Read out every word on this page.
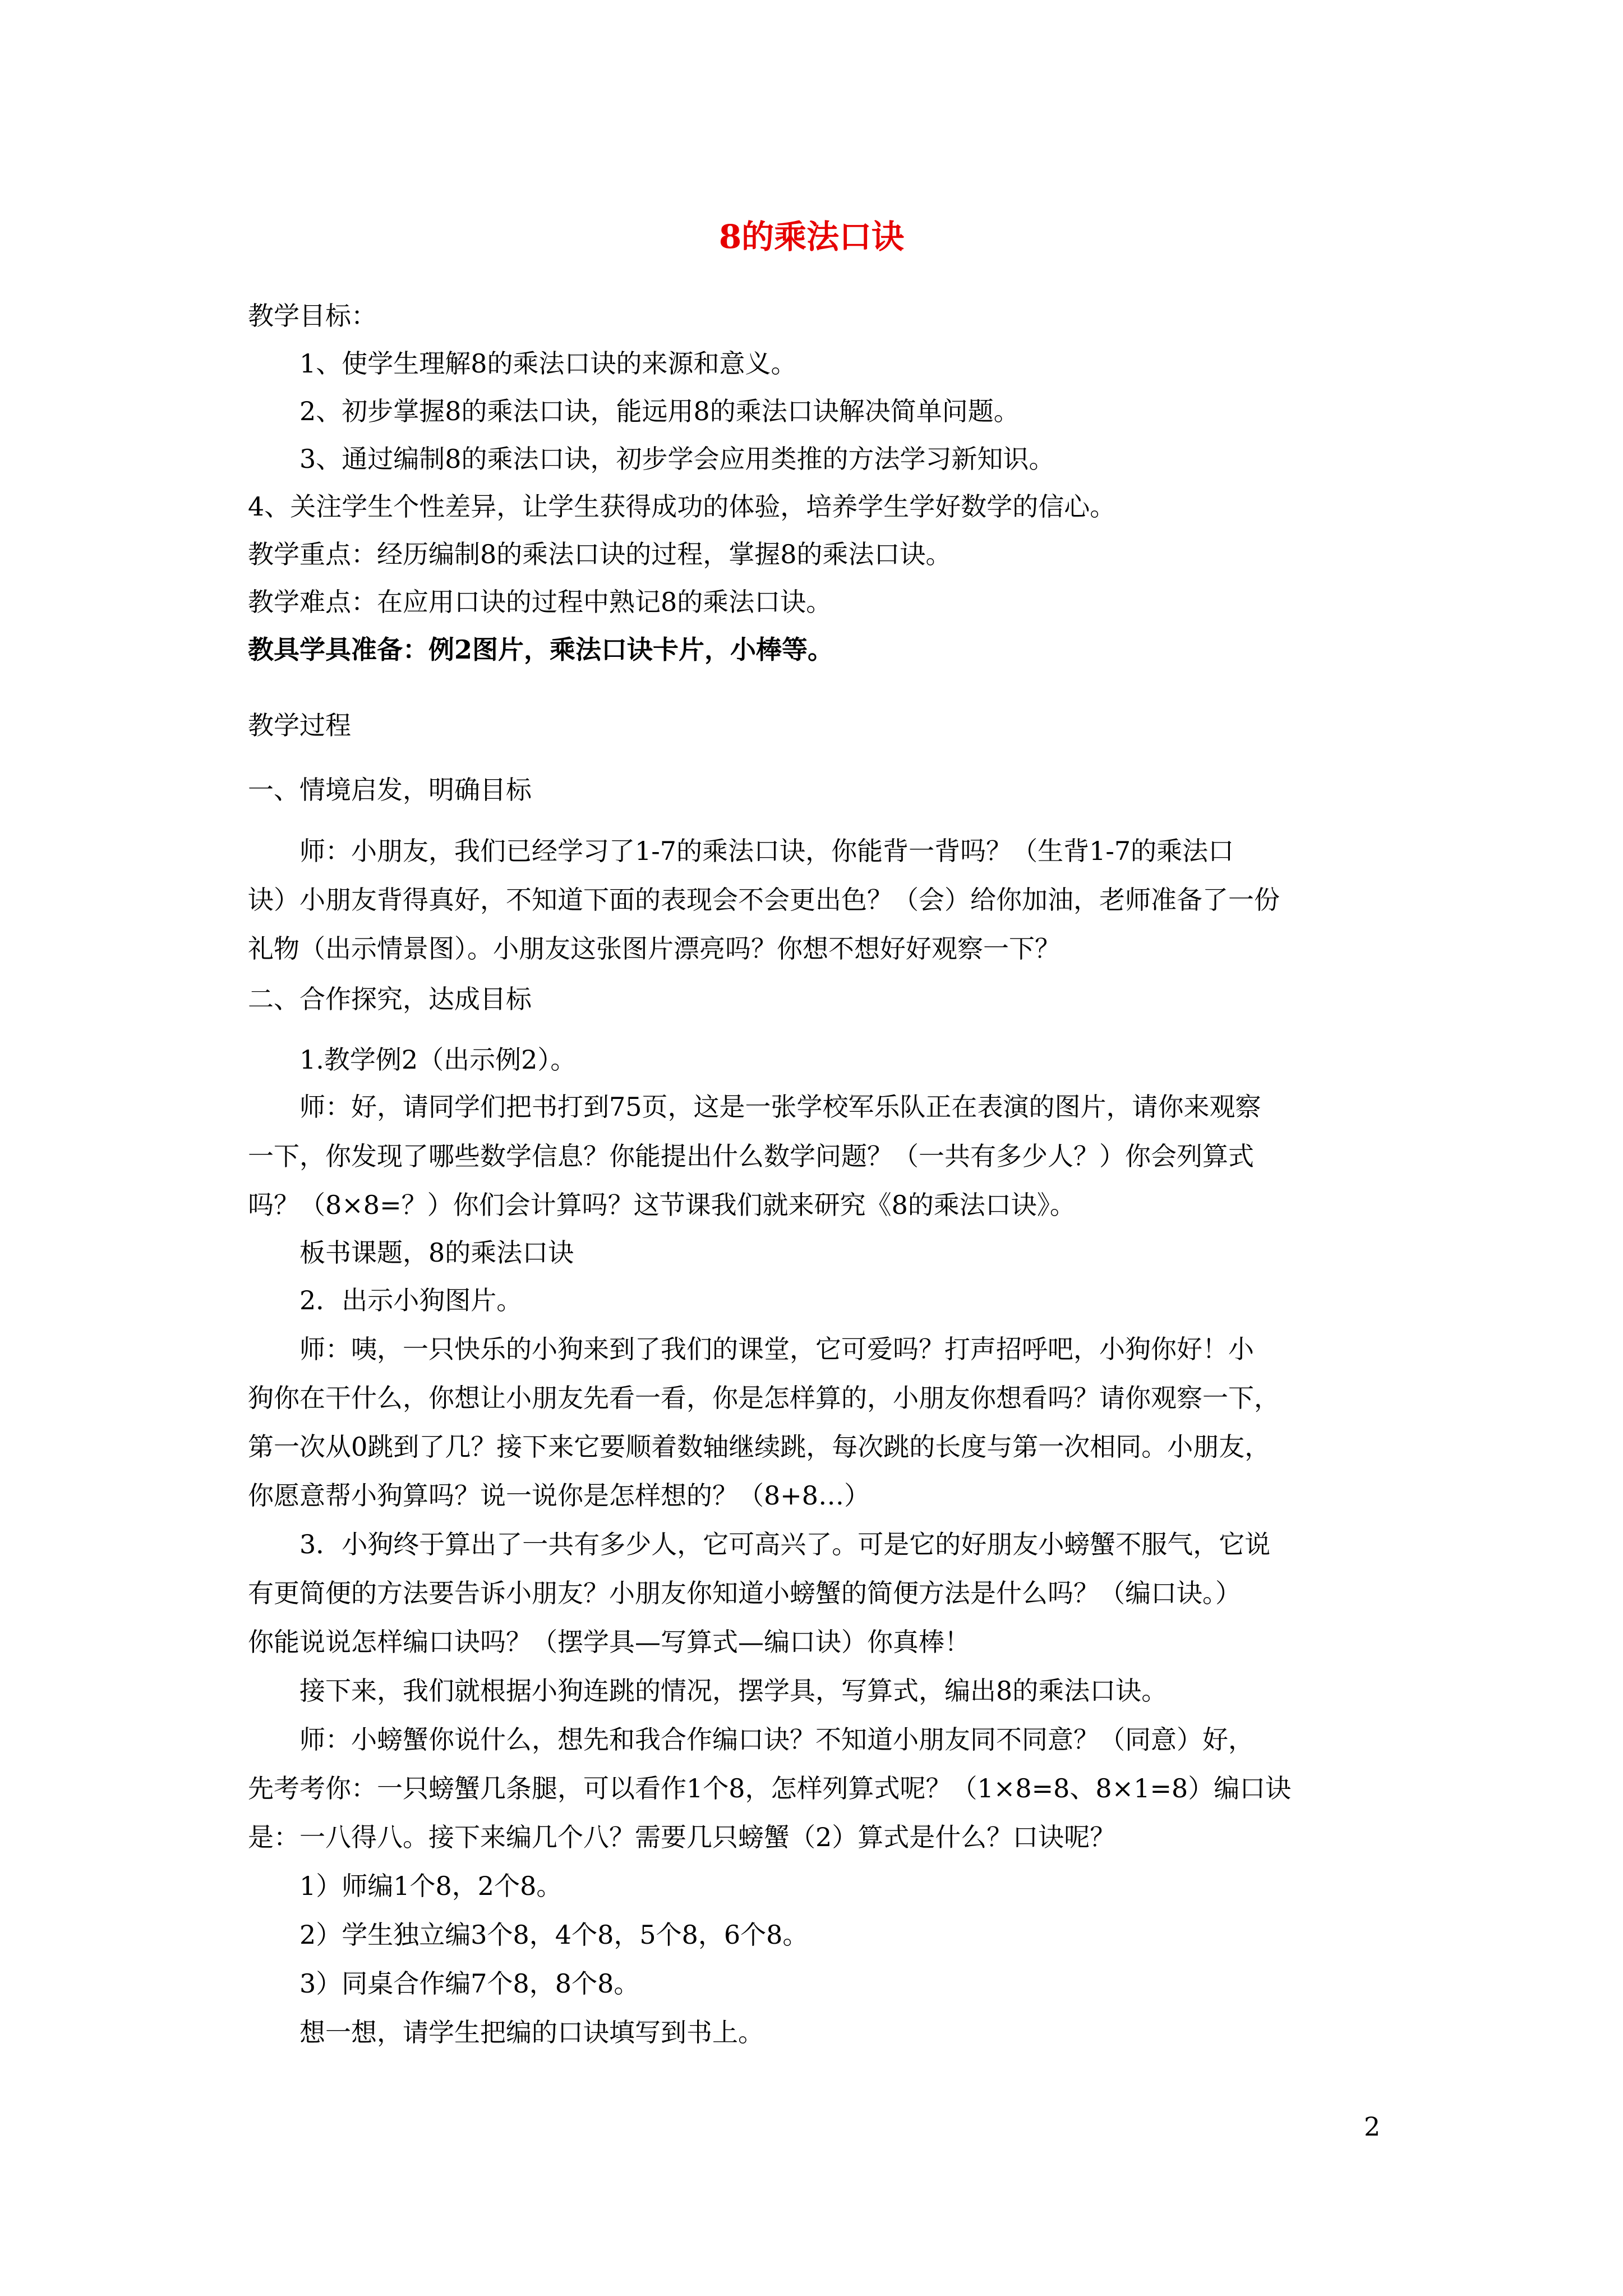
8的乘法口诀
教学目标：
1、使学生理解8的乘法口诀的来源和意义。
2、初步掌握8的乘法口诀，能远用8的乘法口诀解决简单问题。
3、通过编制8的乘法口诀，初步学会应用类推的方法学习新知识。
4、关注学生个性差异，让学生获得成功的体验，培养学生学好数学的信心。
教学重点：经历编制8的乘法口诀的过程，掌握8的乘法口诀。
教学难点：在应用口诀的过程中熟记8的乘法口诀。
教具学具准备：例2图片，乘法口诀卡片，小棒等。
教学过程
一、情境启发，明确目标
师：小朋友，我们已经学习了1-7的乘法口诀，你能背一背吗？（生背1-7的乘法口
诀）小朋友背得真好，不知道下面的表现会不会更出色？（会）给你加油，老师准备了一份
礼物（出示情景图）。小朋友这张图片漂亮吗？你想不想好好观察一下？
二、合作探究，达成目标
1.教学例2（出示例2）。
师：好，请同学们把书打到75页，这是一张学校军乐队正在表演的图片，请你来观察
一下，你发现了哪些数学信息？你能提出什么数学问题？（一共有多少人？）你会列算式
吗？（8×8=？）你们会计算吗？这节课我们就来研究《8的乘法口诀》。
板书课题，8的乘法口诀
2．出示小狗图片。
师：咦，一只快乐的小狗来到了我们的课堂，它可爱吗？打声招呼吧，小狗你好！小
狗你在干什么，你想让小朋友先看一看，你是怎样算的，小朋友你想看吗？请你观察一下，
第一次从0跳到了几？接下来它要顺着数轴继续跳，每次跳的长度与第一次相同。小朋友，
你愿意帮小狗算吗？说一说你是怎样想的？（8+8…）
3．小狗终于算出了一共有多少人，它可高兴了。可是它的好朋友小螃蟹不服气，它说
有更简便的方法要告诉小朋友？小朋友你知道小螃蟹的简便方法是什么吗？（编口诀。）
你能说说怎样编口诀吗？（摆学具—写算式—编口诀）你真棒！
接下来，我们就根据小狗连跳的情况，摆学具，写算式，编出8的乘法口诀。
师：小螃蟹你说什么，想先和我合作编口诀？不知道小朋友同不同意？（同意）好，
先考考你：一只螃蟹几条腿，可以看作1个8，怎样列算式呢？（1×8=8、8×1=8）编口诀
是：一八得八。接下来编几个八？需要几只螃蟹（2）算式是什么？口诀呢？
1）师编1个8，2个8。
2）学生独立编3个8，4个8，5个8，6个8。
3）同桌合作编7个8，8个8。
想一想，请学生把编的口诀填写到书上。
2
